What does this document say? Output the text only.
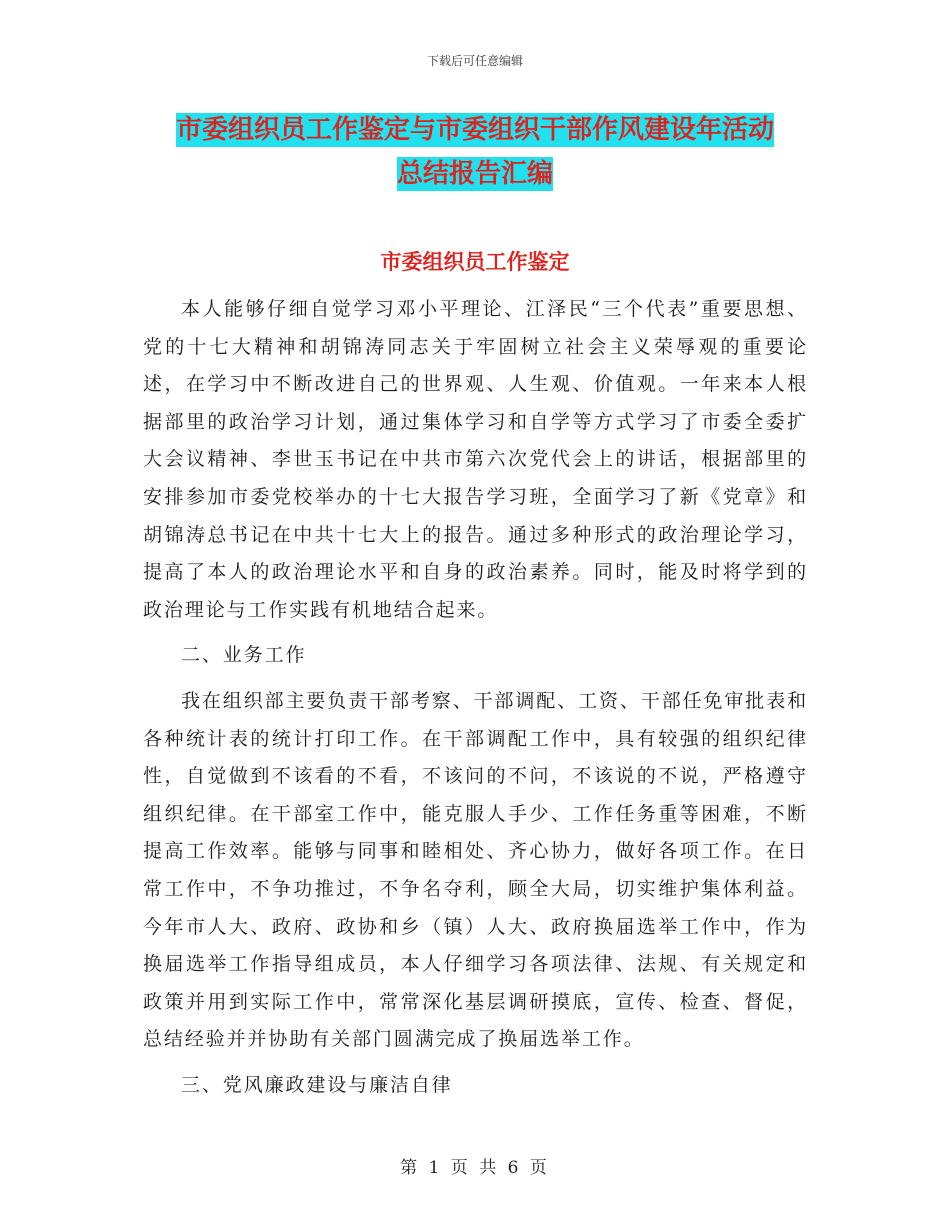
下载后可任意编辑
市委组织员工作鉴定与市委组织干部作风建设年活动
总结报告汇编
市委组织员工作鉴定

本人能够仔细自觉学习邓小平理论、江泽民“三个代表”重要思想、党的十七大精神和胡锦涛同志关于牢固树立社会主义荣辱观的重要论述，在学习中不断改进自己的世界观、人生观、价值观。一年来本人根据部里的政治学习计划，通过集体学习和自学等方式学习了市委全委扩大会议精神、李世玉书记在中共市第六次党代会上的讲话，根据部里的安排参加市委党校举办的十七大报告学习班，全面学习了新《党章》和胡锦涛总书记在中共十七大上的报告。通过多种形式的政治理论学习，提高了本人的政治理论水平和自身的政治素养。同时，能及时将学到的政治理论与工作实践有机地结合起来。

二、业务工作

我在组织部主要负责干部考察、干部调配、工资、干部任免审批表和各种统计表的统计打印工作。在干部调配工作中，具有较强的组织纪律性，自觉做到不该看的不看，不该问的不问，不该说的不说，严格遵守组织纪律。在干部室工作中，能克服人手少、工作任务重等困难，不断提高工作效率。能够与同事和睦相处、齐心协力，做好各项工作。在日常工作中，不争功推过，不争名夺利，顾全大局，切实维护集体利益。今年市人大、政府、政协和乡（镇）人大、政府换届选举工作中，作为换届选举工作指导组成员，本人仔细学习各项法律、法规、有关规定和政策并用到实际工作中，常常深化基层调研摸底，宣传、检查、督促，总结经验并并协助有关部门圆满完成了换届选举工作。

三、党风廉政建设与廉洁自律

第 1 页 共 6 页
